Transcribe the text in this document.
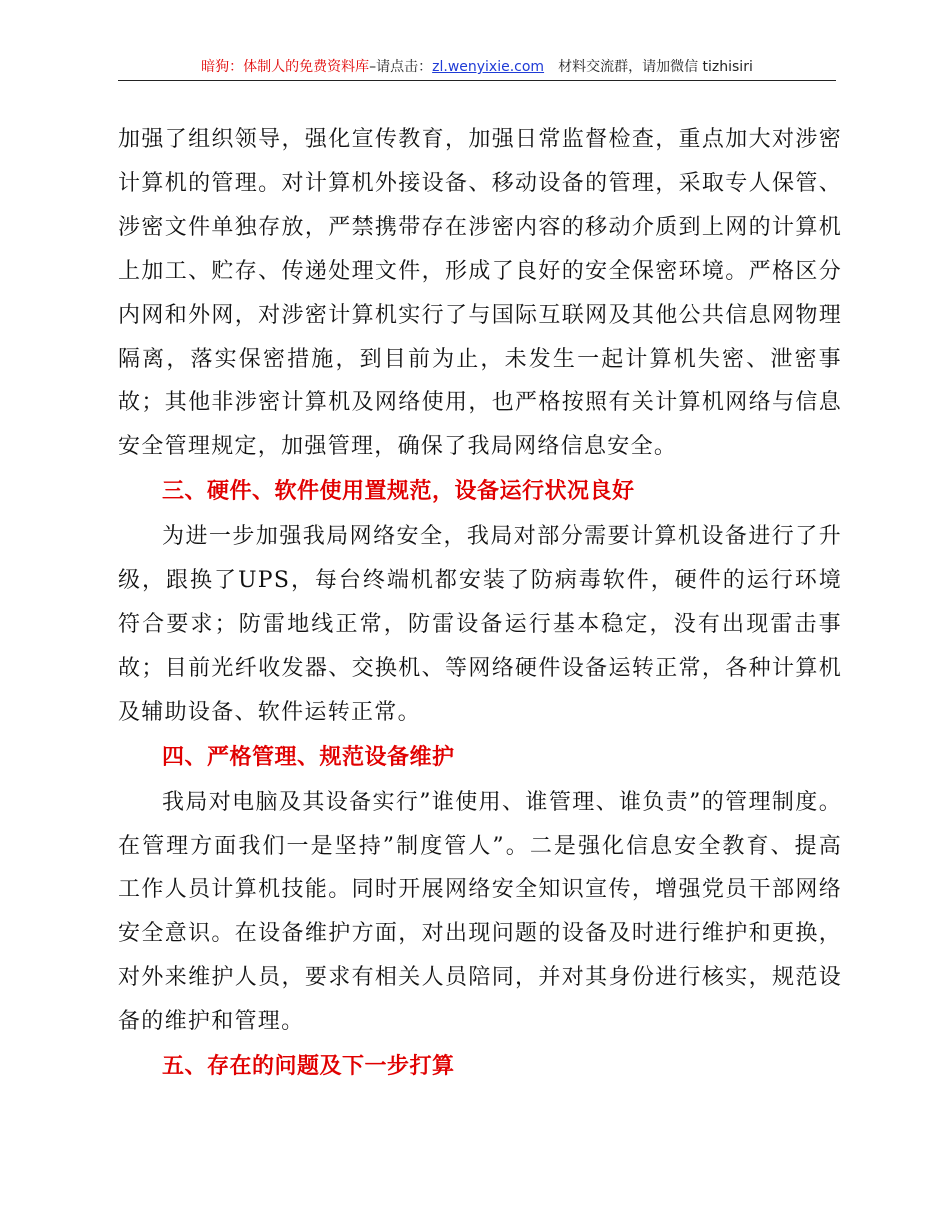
暗狗：体制人的免费资料库–请点击：zl.wenyixie.com 材料交流群，请加微信 tizhisiri

加强了组织领导，强化宣传教育，加强日常监督检查，重点加大对涉密计算机的管理。对计算机外接设备、移动设备的管理，采取专人保管、涉密文件单独存放，严禁携带存在涉密内容的移动介质到上网的计算机上加工、贮存、传递处理文件，形成了良好的安全保密环境。严格区分内网和外网，对涉密计算机实行了与国际互联网及其他公共信息网物理隔离，落实保密措施，到目前为止，未发生一起计算机失密、泄密事故；其他非涉密计算机及网络使用，也严格按照有关计算机网络与信息安全管理规定，加强管理，确保了我局网络信息安全。

三、硬件、软件使用置规范，设备运行状况良好

为进一步加强我局网络安全，我局对部分需要计算机设备进行了升级，跟换了UPS，每台终端机都安装了防病毒软件，硬件的运行环境符合要求；防雷地线正常，防雷设备运行基本稳定，没有出现雷击事故；目前光纤收发器、交换机、等网络硬件设备运转正常，各种计算机及辅助设备、软件运转正常。

四、严格管理、规范设备维护

我局对电脑及其设备实行”谁使用、谁管理、谁负责”的管理制度。在管理方面我们一是坚持”制度管人”。二是强化信息安全教育、提高工作人员计算机技能。同时开展网络安全知识宣传，增强党员干部网络安全意识。在设备维护方面，对出现问题的设备及时进行维护和更换，对外来维护人员，要求有相关人员陪同，并对其身份进行核实，规范设备的维护和管理。

五、存在的问题及下一步打算
